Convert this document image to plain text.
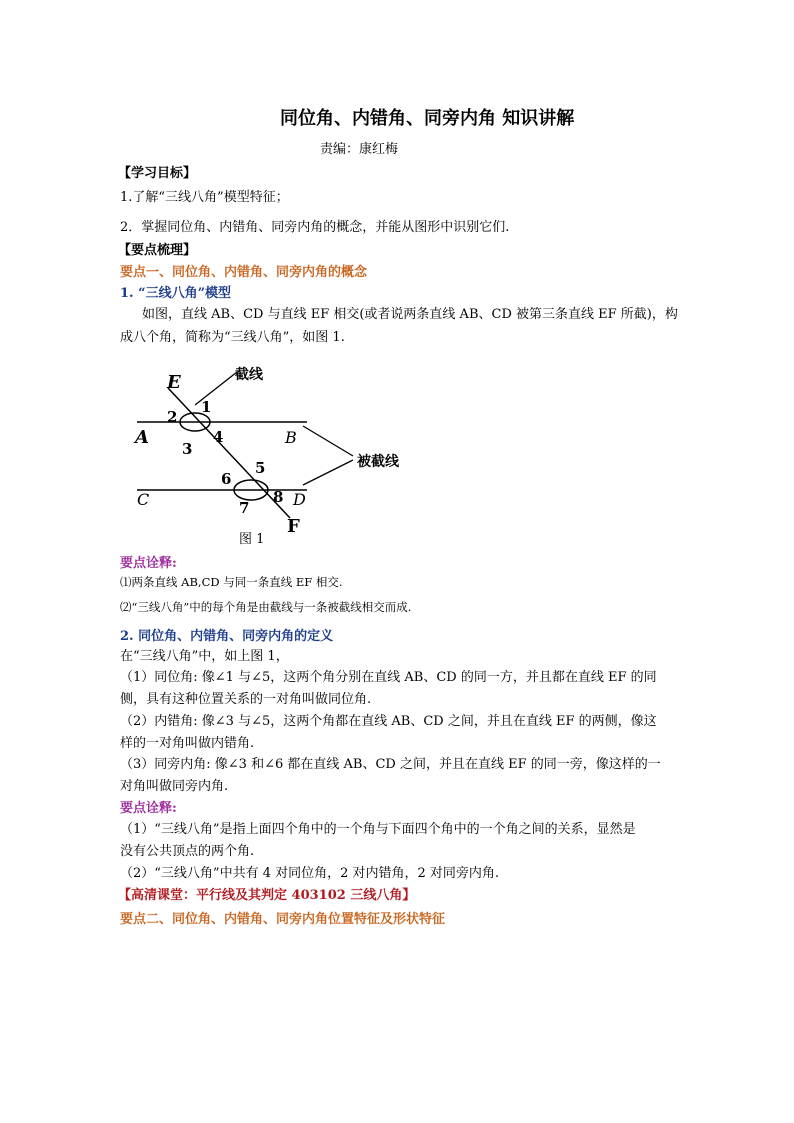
同位角、内错角、同旁内角 知识讲解
责编：康红梅
【学习目标】
1.了解“三线八角”模型特征；
2．掌握同位角、内错角、同旁内角的概念，并能从图形中识别它们.
【要点梳理】
要点一、同位角、内错角、同旁内角的概念
1. “三线八角”模型
如图，直线 AB、CD 与直线 EF 相交(或者说两条直线 AB、CD 被第三条直线 EF 所截)，构
成八个角，简称为“三线八角”，如图 1.
E
A	B
C	D
F
1
2
3
4
5
6
7
8
截线
被截线
图 1
要点诠释:
⑴两条直线 AB,CD 与同一条直线 EF 相交.
⑵“三线八角”中的每个角是由截线与一条被截线相交而成.
2. 同位角、内错角、同旁内角的定义
在“三线八角”中，如上图 1，
（1）同位角: 像∠1 与∠5，这两个角分别在直线 AB、CD 的同一方，并且都在直线 EF 的同
侧，具有这种位置关系的一对角叫做同位角.
（2）内错角: 像∠3 与∠5，这两个角都在直线 AB、CD 之间，并且在直线 EF 的两侧，像这
样的一对角叫做内错角.
（3）同旁内角: 像∠3 和∠6 都在直线 AB、CD 之间，并且在直线 EF 的同一旁，像这样的一
对角叫做同旁内角.
要点诠释:
（1）“三线八角”是指上面四个角中的一个角与下面四个角中的一个角之间的关系，显然是
没有公共顶点的两个角.
（2）“三线八角”中共有 4 对同位角，2 对内错角，2 对同旁内角.
【高清课堂：平行线及其判定 403102 三线八角】
要点二、同位角、内错角、同旁内角位置特征及形状特征
